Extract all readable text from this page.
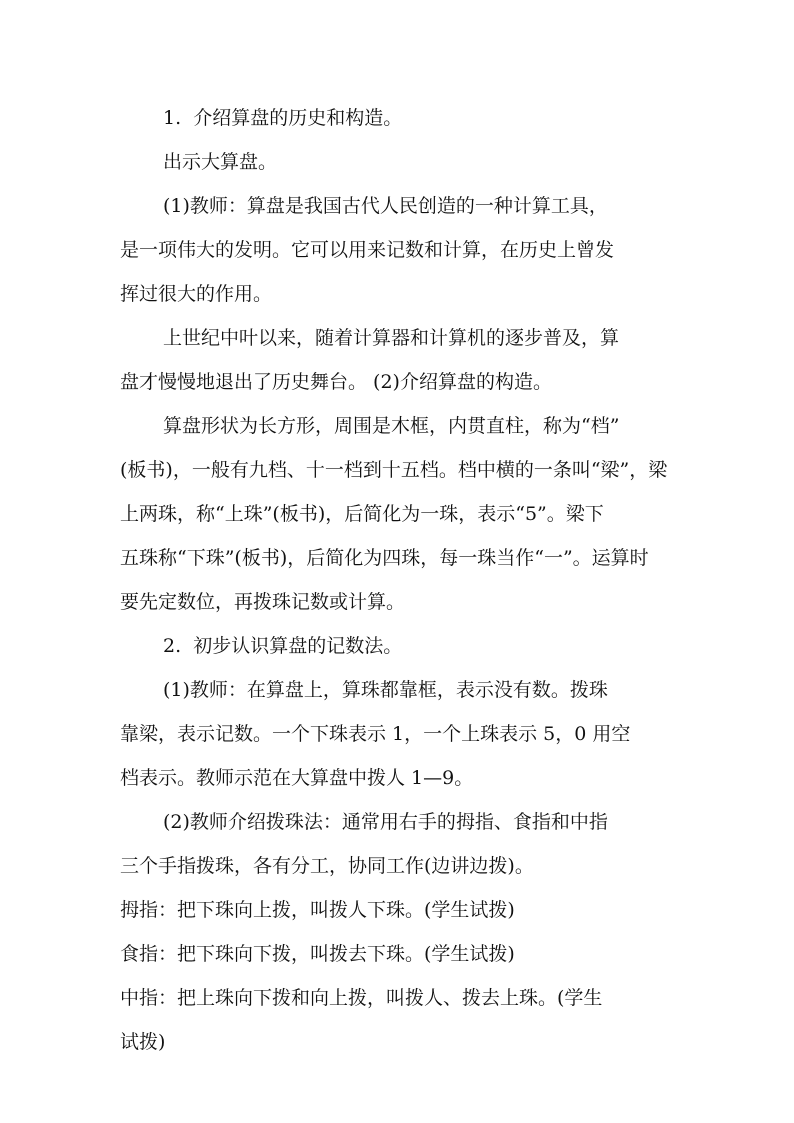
1.  介绍算盘的历史和构造。
出示大算盘。
(1)教师：算盘是我国古代人民创造的一种计算工具，
是一项伟大的发明。它可以用来记数和计算，在历史上曾发
挥过很大的作用。
上世纪中叶以来，随着计算器和计算机的逐步普及，算
盘才慢慢地退出了历史舞台。 (2)介绍算盘的构造。
算盘形状为长方形，周围是木框，内贯直柱，称为“档”
(板书)，一般有九档、十一档到十五档。档中横的一条叫“梁”，梁
上两珠，称“上珠”(板书)，后简化为一珠，表示“5”。梁下
五珠称“下珠”(板书)，后简化为四珠，每一珠当作“一”。运算时
要先定数位，再拨珠记数或计算。
2.  初步认识算盘的记数法。
(1)教师：在算盘上，算珠都靠框，表示没有数。拨珠
靠梁，表示记数。一个下珠表示 1，一个上珠表示 5，0 用空
档表示。教师示范在大算盘中拨人 1—9。
(2)教师介绍拨珠法：通常用右手的拇指、食指和中指
三个手指拨珠，各有分工，协同工作(边讲边拨)。
拇指：把下珠向上拨，叫拨人下珠。(学生试拨)
食指：把下珠向下拨，叫拨去下珠。(学生试拨)
中指：把上珠向下拨和向上拨，叫拨人、拨去上珠。(学生
试拨)
